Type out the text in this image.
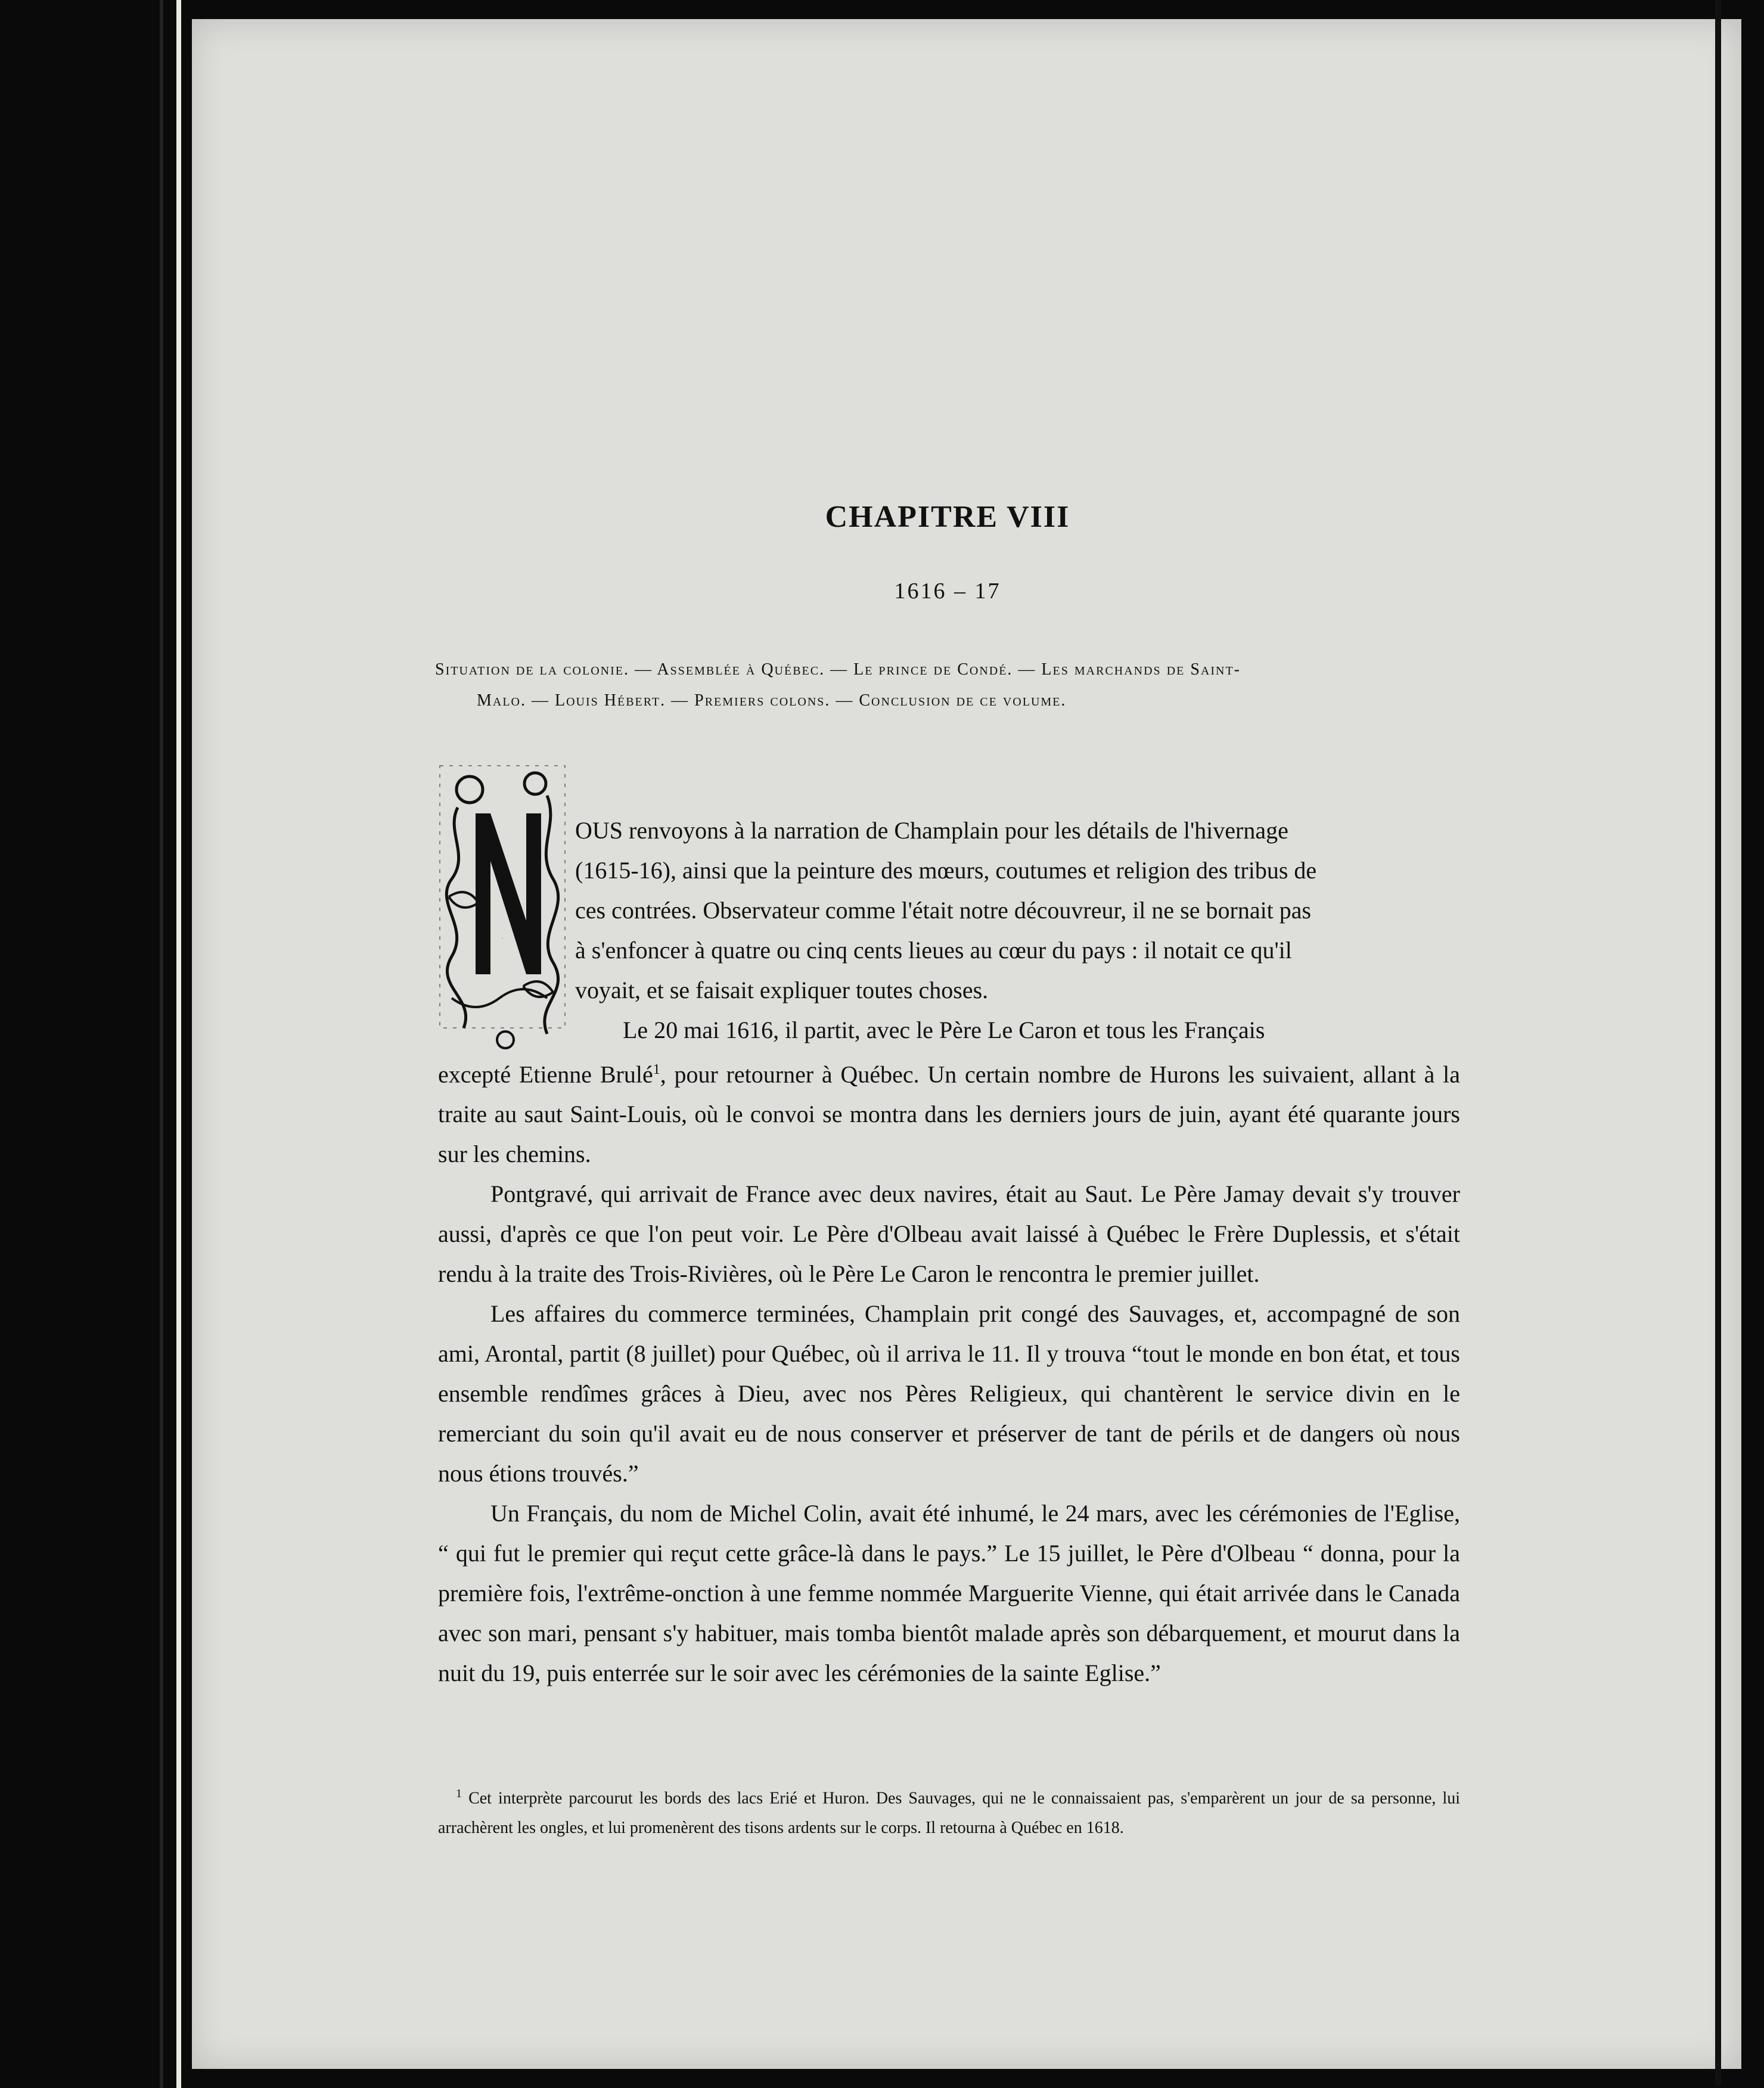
CHAPITRE VIII
1616 – 17
Situation de la colonie. — Assemblée à Québec. — Le prince de Condé. — Les marchands de Saint-
Malo. — Louis Hébert. — Premiers colons. — Conclusion de ce volume.
N
OUS renvoyons à la narration de Champlain pour les détails de l'hivernage
(1615-16), ainsi que la peinture des mœurs, coutumes et religion des tribus de
ces contrées. Observateur comme l'était notre découvreur, il ne se bornait pas
à s'enfoncer à quatre ou cinq cents lieues au cœur du pays : il notait ce qu'il
voyait, et se faisait expliquer toutes choses.
Le 20 mai 1616, il partit, avec le Père Le Caron et tous les Français

excepté Etienne Brulé$^1$, pour retourner à Québec. Un certain nombre de Hurons les suivaient, allant à la traite au saut Saint-Louis, où le convoi se montra dans les derniers jours de juin, ayant été quarante jours sur les chemins.

Pontgravé, qui arrivait de France avec deux navires, était au Saut. Le Père Jamay devait s'y trouver aussi, d'après ce que l'on peut voir. Le Père d'Olbeau avait laissé à Québec le Frère Duplessis, et s'était rendu à la traite des Trois-Rivières, où le Père Le Caron le rencontra le premier juillet.

Les affaires du commerce terminées, Champlain prit congé des Sauvages, et, accompagné de son ami, Arontal, partit (8 juillet) pour Québec, où il arriva le 11. Il y trouva “tout le monde en bon état, et tous ensemble rendîmes grâces à Dieu, avec nos Pères Religieux, qui chantèrent le service divin en le remerciant du soin qu'il avait eu de nous conserver et préserver de tant de périls et de dangers où nous nous étions trouvés.”

Un Français, du nom de Michel Colin, avait été inhumé, le 24 mars, avec les cérémonies de l'Eglise, “ qui fut le premier qui reçut cette grâce-là dans le pays.” Le 15 juillet, le Père d'Olbeau “ donna, pour la première fois, l'extrême-onction à une femme nommée Marguerite Vienne, qui était arrivée dans le Canada avec son mari, pensant s'y habituer, mais tomba bientôt malade après son débarquement, et mourut dans la nuit du 19, puis enterrée sur le soir avec les cérémonies de la sainte Eglise.”

$^1$ Cet interprète parcourut les bords des lacs Erié et Huron. Des Sauvages, qui ne le connaissaient pas, s'emparèrent un jour de sa personne, lui arrachèrent les ongles, et lui promenèrent des tisons ardents sur le corps. Il retourna à Québec en 1618.
